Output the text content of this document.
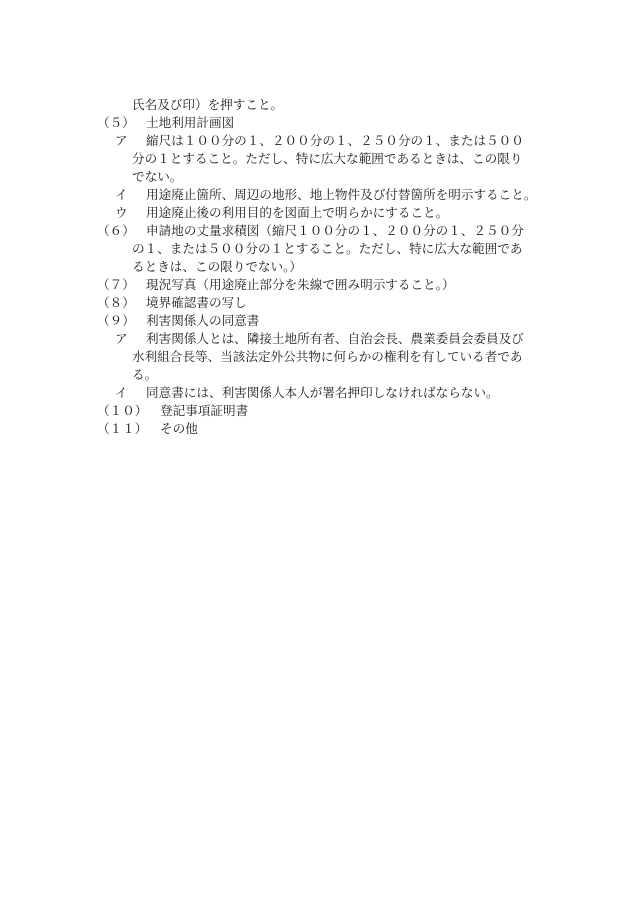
氏名及び印）を押すこと。
（５） 土地利用計画図
ア 縮尺は１００分の１、２００分の１、２５０分の１、または５００
分の１とすること。ただし、特に広大な範囲であるときは、この限り
でない。
イ 用途廃止箇所、周辺の地形、地上物件及び付替箇所を明示すること。
ウ 用途廃止後の利用目的を図面上で明らかにすること。
（６） 申請地の丈量求積図（縮尺１００分の１、２００分の１、２５０分
の１、または５００分の１とすること。ただし、特に広大な範囲であ
るときは、この限りでない。）
（７） 現況写真（用途廃止部分を朱線で囲み明示すること。）
（８） 境界確認書の写し
（９） 利害関係人の同意書
ア 利害関係人とは、隣接土地所有者、自治会長、農業委員会委員及び
水利組合長等、当該法定外公共物に何らかの権利を有している者であ
る。
イ 同意書には、利害関係人本人が署名押印しなければならない。
（１０） 登記事項証明書
（１１） その他
